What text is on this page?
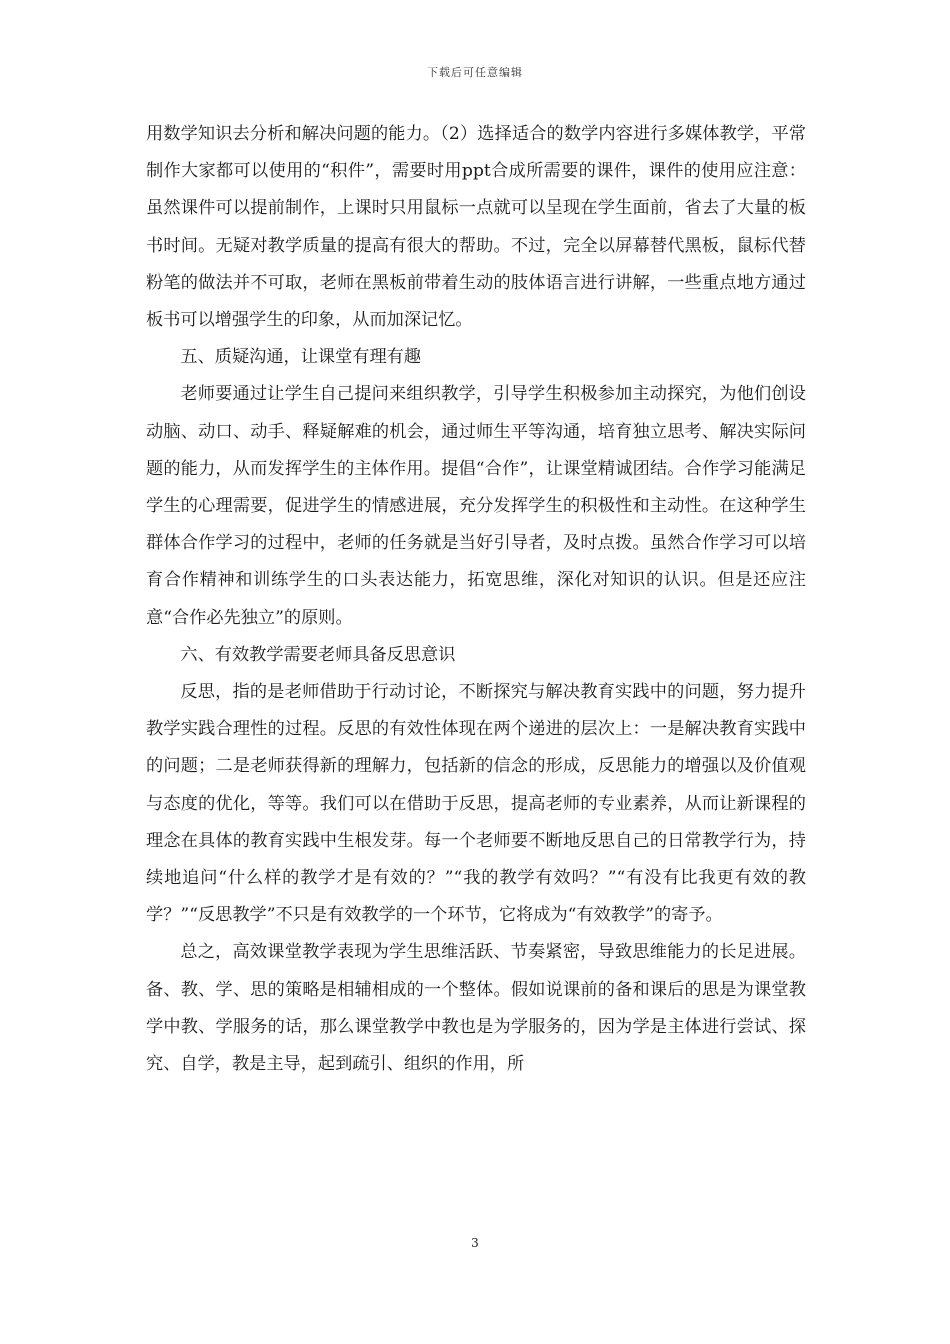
下载后可任意编辑

用数学知识去分析和解决问题的能力。（2）选择适合的数学内容进行多媒体教学，平常制作大家都可以使用的“积件”，需要时用ppt合成所需要的课件，课件的使用应注意：虽然课件可以提前制作，上课时只用鼠标一点就可以呈现在学生面前，省去了大量的板书时间。无疑对教学质量的提高有很大的帮助。不过，完全以屏幕替代黑板，鼠标代替粉笔的做法并不可取，老师在黑板前带着生动的肢体语言进行讲解，一些重点地方通过板书可以增强学生的印象，从而加深记忆。

五、质疑沟通，让课堂有理有趣

老师要通过让学生自己提问来组织教学，引导学生积极参加主动探究，为他们创设动脑、动口、动手、释疑解难的机会，通过师生平等沟通，培育独立思考、解决实际问题的能力，从而发挥学生的主体作用。提倡“合作”，让课堂精诚团结。合作学习能满足学生的心理需要，促进学生的情感进展，充分发挥学生的积极性和主动性。在这种学生群体合作学习的过程中，老师的任务就是当好引导者，及时点拨。虽然合作学习可以培育合作精神和训练学生的口头表达能力，拓宽思维，深化对知识的认识。但是还应注意“合作必先独立”的原则。

六、有效教学需要老师具备反思意识

反思，指的是老师借助于行动讨论，不断探究与解决教育实践中的问题，努力提升教学实践合理性的过程。反思的有效性体现在两个递进的层次上：一是解决教育实践中的问题；二是老师获得新的理解力，包括新的信念的形成，反思能力的增强以及价值观与态度的优化，等等。我们可以在借助于反思，提高老师的专业素养，从而让新课程的理念在具体的教育实践中生根发芽。每一个老师要不断地反思自己的日常教学行为，持续地追问“什么样的教学才是有效的？”“我的教学有效吗？”“有没有比我更有效的教学？”“反思教学”不只是有效教学的一个环节，它将成为“有效教学”的寄予。

总之，高效课堂教学表现为学生思维活跃、节奏紧密，导致思维能力的长足进展。备、教、学、思的策略是相辅相成的一个整体。假如说课前的备和课后的思是为课堂教学中教、学服务的话，那么课堂教学中教也是为学服务的，因为学是主体进行尝试、探究、自学，教是主导，起到疏引、组织的作用，所

3
